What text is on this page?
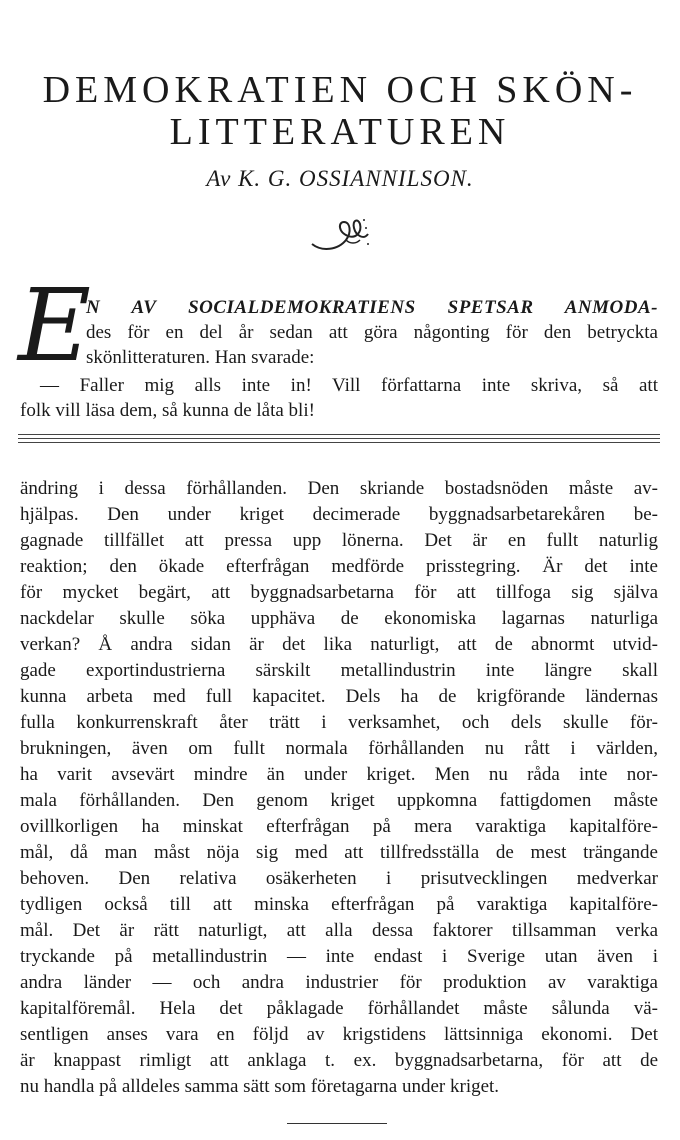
DEMOKRATIEN OCH SKÖN-
LITTERATUREN
Av K. G. OSSIANNILSON.
E
N AV SOCIALDEMOKRATIENS SPETSAR ANMODA-
des för en del år sedan att göra någonting för den betryckta
skönlitteraturen. Han svarade:
— Faller mig alls inte in! Vill författarna inte skriva, så att
folk vill läsa dem, så kunna de låta bli!
ändring i dessa förhållanden. Den skriande bostadsnöden måste av-
hjälpas. Den under kriget decimerade byggnadsarbetarekåren be-
gagnade tillfället att pressa upp lönerna. Det är en fullt naturlig
reaktion; den ökade efterfrågan medförde prisstegring. Är det inte
för mycket begärt, att byggnadsarbetarna för att tillfoga sig själva
nackdelar skulle söka upphäva de ekonomiska lagarnas naturliga
verkan? Å andra sidan är det lika naturligt, att de abnormt utvid-
gade exportindustrierna särskilt metallindustrin inte längre skall
kunna arbeta med full kapacitet. Dels ha de krigförande ländernas
fulla konkurrenskraft åter trätt i verksamhet, och dels skulle för-
brukningen, även om fullt normala förhållanden nu rått i världen,
ha varit avsevärt mindre än under kriget. Men nu råda inte nor-
mala förhållanden. Den genom kriget uppkomna fattigdomen måste
ovillkorligen ha minskat efterfrågan på mera varaktiga kapitalföre-
mål, då man måst nöja sig med att tillfredsställa de mest trängande
behoven. Den relativa osäkerheten i prisutvecklingen medverkar
tydligen också till att minska efterfrågan på varaktiga kapitalföre-
mål. Det är rätt naturligt, att alla dessa faktorer tillsamman verka
tryckande på metallindustrin — inte endast i Sverige utan även i
andra länder — och andra industrier för produktion av varaktiga
kapitalföremål. Hela det påklagade förhållandet måste sålunda vä-
sentligen anses vara en följd av krigstidens lättsinniga ekonomi. Det
är knappast rimligt att anklaga t. ex. byggnadsarbetarna, för att de
nu handla på alldeles samma sätt som företagarna under kriget.
